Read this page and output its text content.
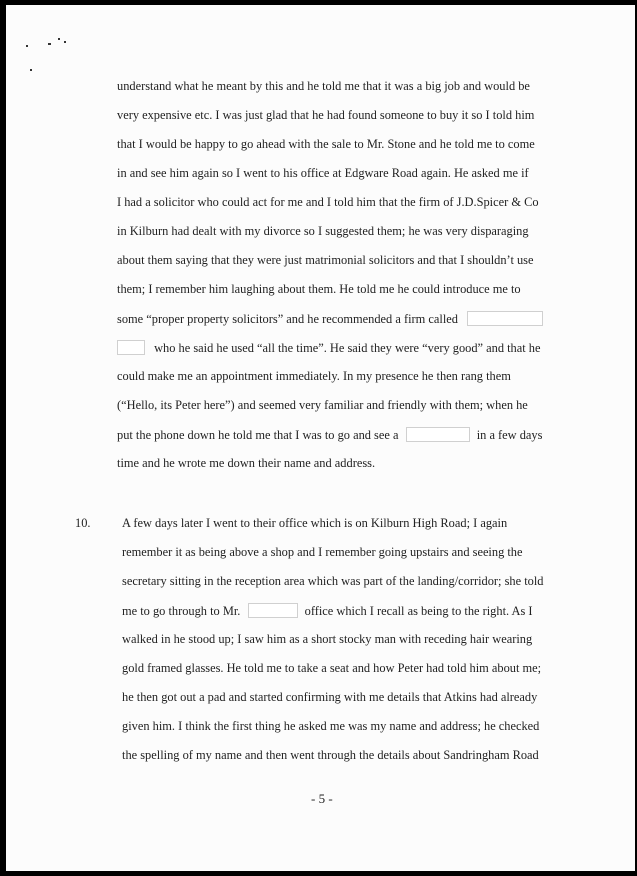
understand what he meant by this and he told me that it was a big job and would be
very expensive etc. I was just glad that he had found someone to buy it so I told him
that I would be happy to go ahead with the sale to Mr. Stone and he told me to come
in and see him again so I went to his office at Edgware Road again. He asked me if
I had a solicitor who could act for me and I told him that the firm of J.D.Spicer & Co
in Kilburn had dealt with my divorce so I suggested them; he was very disparaging
about them saying that they were just matrimonial solicitors and that I shouldn’t use
them; I remember him laughing about them. He told me he could introduce me to
some “proper property solicitors” and he recommended a firm called
who he said he used “all the time”. He said they were “very good” and that he
could make me an appointment immediately. In my presence he then rang them
(“Hello, its Peter here”) and seemed very familiar and friendly with them; when he
put the phone down he told me that I was to go and see a	in a few days
time and he wrote me down their name and address.
10.	A few days later I went to their office which is on Kilburn High Road; I again
remember it as being above a shop and I remember going upstairs and seeing the
secretary sitting in the reception area which was part of the landing/corridor; she told
me to go through to Mr.	office which I recall as being to the right. As I
walked in he stood up; I saw him as a short stocky man with receding hair wearing
gold framed glasses. He told me to take a seat and how Peter had told him about me;
he then got out a pad and started confirming with me details that Atkins had already
given him. I think the first thing he asked me was my name and address; he checked
the spelling of my name and then went through the details about Sandringham Road
- 5 -
